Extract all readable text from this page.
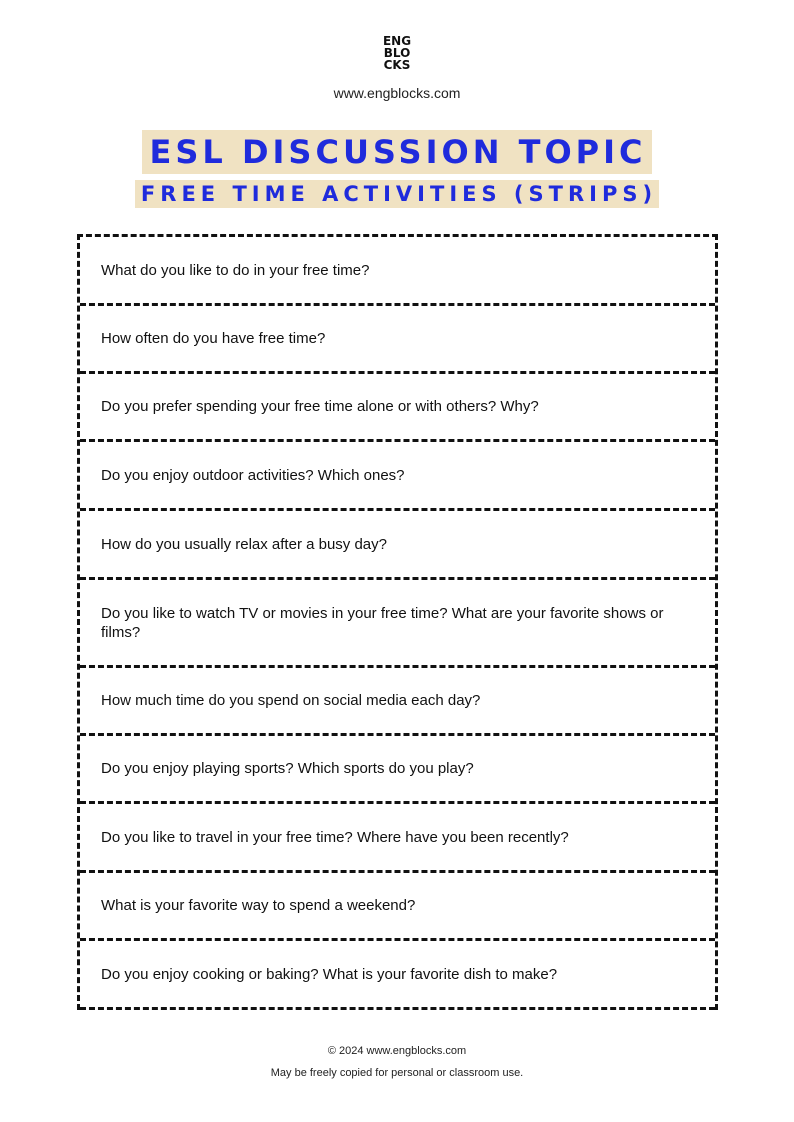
ENG
BLO
CKS
www.engblocks.com
ESL DISCUSSION TOPIC
FREE TIME ACTIVITIES (STRIPS)
What do you like to do in your free time?
How often do you have free time?
Do you prefer spending your free time alone or with others? Why?
Do you enjoy outdoor activities? Which ones?
How do you usually relax after a busy day?
Do you like to watch TV or movies in your free time? What are your favorite shows or films?
How much time do you spend on social media each day?
Do you enjoy playing sports? Which sports do you play?
Do you like to travel in your free time? Where have you been recently?
What is your favorite way to spend a weekend?
Do you enjoy cooking or baking? What is your favorite dish to make?
© 2024 www.engblocks.com
May be freely copied for personal or classroom use.
